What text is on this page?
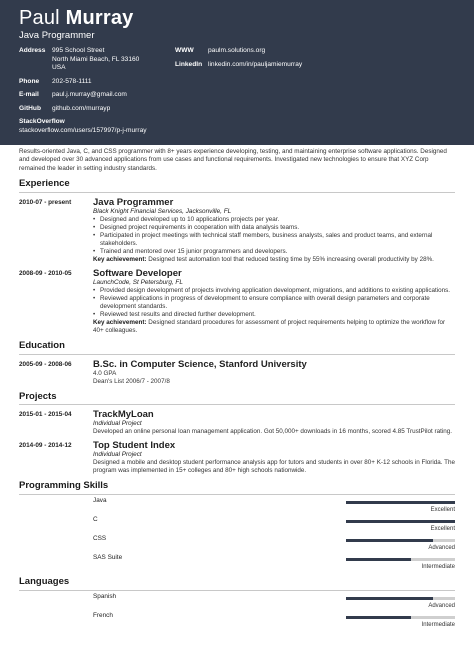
Paul Murray
Java Programmer
Address	995 School Street
North Miami Beach, FL 33160
USA
Phone	202-578-1111
E-mail	paul.j.murray@gmail.com
GitHub	github.com/murrayp
StackOverflow
stackoverflow.com/users/157997/p-j-murray
WWW	paulm.solutions.org
LinkedIn linkedin.com/in/pauljamiemurray
Results-oriented Java, C, and CSS programmer with 8+ years experience developing, testing, and maintaining enterprise software applications. Designed and developed over 30 advanced applications from use cases and functional requirements. Investigated new technologies to ensure that XYZ Corp remained the leader in setting industry standards.
Experience
2010-07 - present	Java Programmer
Black Knight Financial Services, Jacksonville, FL
• Designed and developed up to 10 applications projects per year.
• Designed project requirements in cooperation with data analysis teams.
• Participated in project meetings with technical staff members, business analysts, sales and product teams, and external stakeholders.
• Trained and mentored over 15 junior programmers and developers.
Key achievement: Designed test automation tool that reduced testing time by 55% increasing overall productivity by 28%.
2008-09 - 2010-05	Software Developer
LaunchCode, St Petersburg, FL
• Provided design development of projects involving application development, migrations, and additions to existing applications.
• Reviewed applications in progress of development to ensure compliance with overall design parameters and corporate development standards.
• Reviewed test results and directed further development.
Key achievement: Designed standard procedures for assessment of project requirements helping to optimize the workflow for 40+ colleagues.
Education
2005-09 - 2008-06	B.Sc. in Computer Science, Stanford University
4.0 GPA
Dean's List 2006/7 - 2007/8
Projects
2015-01 - 2015-04	TrackMyLoan
Individual Project
Developed an online personal loan management application. Got 50,000+ downloads in 16 months, scored 4.85 TrustPilot rating.
2014-09 - 2014-12	Top Student Index
Individual Project
Designed a mobile and desktop student performance analysis app for tutors and students in over 80+ K-12 schools in Florida. The program was implemented in 15+ colleges and 80+ high schools nationwide.
Programming Skills
Java
Excellent
C
Excellent
CSS
Advanced
SAS Suite
Intermediate
Languages
Spanish
Advanced
French
Intermediate
